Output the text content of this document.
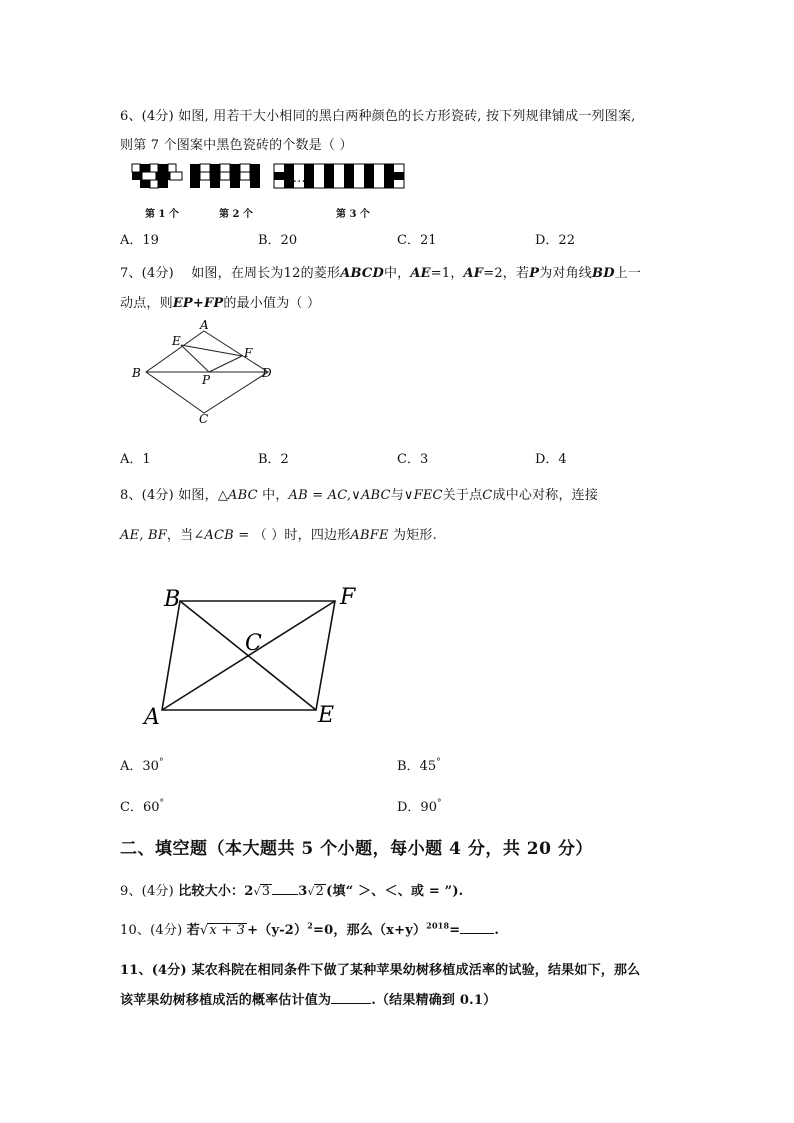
6、(4分) 如图, 用若干大小相同的黑白两种颜色的长方形瓷砖, 按下列规律铺成一列图案,
则第 7 个图案中黑色瓷砖的个数是（ ）
……
第 1 个	第 2 个	第 3 个
A．19	B．20	C．21	D．22
7、(4分) 如图，在周长为12的菱形ABCD中，AE=1，AF=2，若P为对角线BD上一
动点，则EP+FP的最小值为（ ）
A
E
F
B	P	D
C
A．1	B．2	C．3	D．4
8、(4分) 如图，△ABC 中，AB = AC,∨ABC与∨FEC关于点C成中心对称，连接
AE, BF，当∠ACB = （ ）时，四边形ABFE 为矩形.
B	F
C
A	E
A．30°	B．45°
C．60°	D．90°
二、填空题（本大题共 5 个小题，每小题 4 分，共 20 分）
9、(4分) 比较大小：2√3 3√2 (填“ ＞、＜、或 = ”).
10、(4分) 若$√x + 3 +(y-2)^2=0$，那么$(x+y)^{2018}=$	.
11、(4分) 某农科院在相同条件下做了某种苹果幼树移植成活率的试验，结果如下，那么
该苹果幼树移植成活的概率估计值为	.（结果精确到 0.1）
